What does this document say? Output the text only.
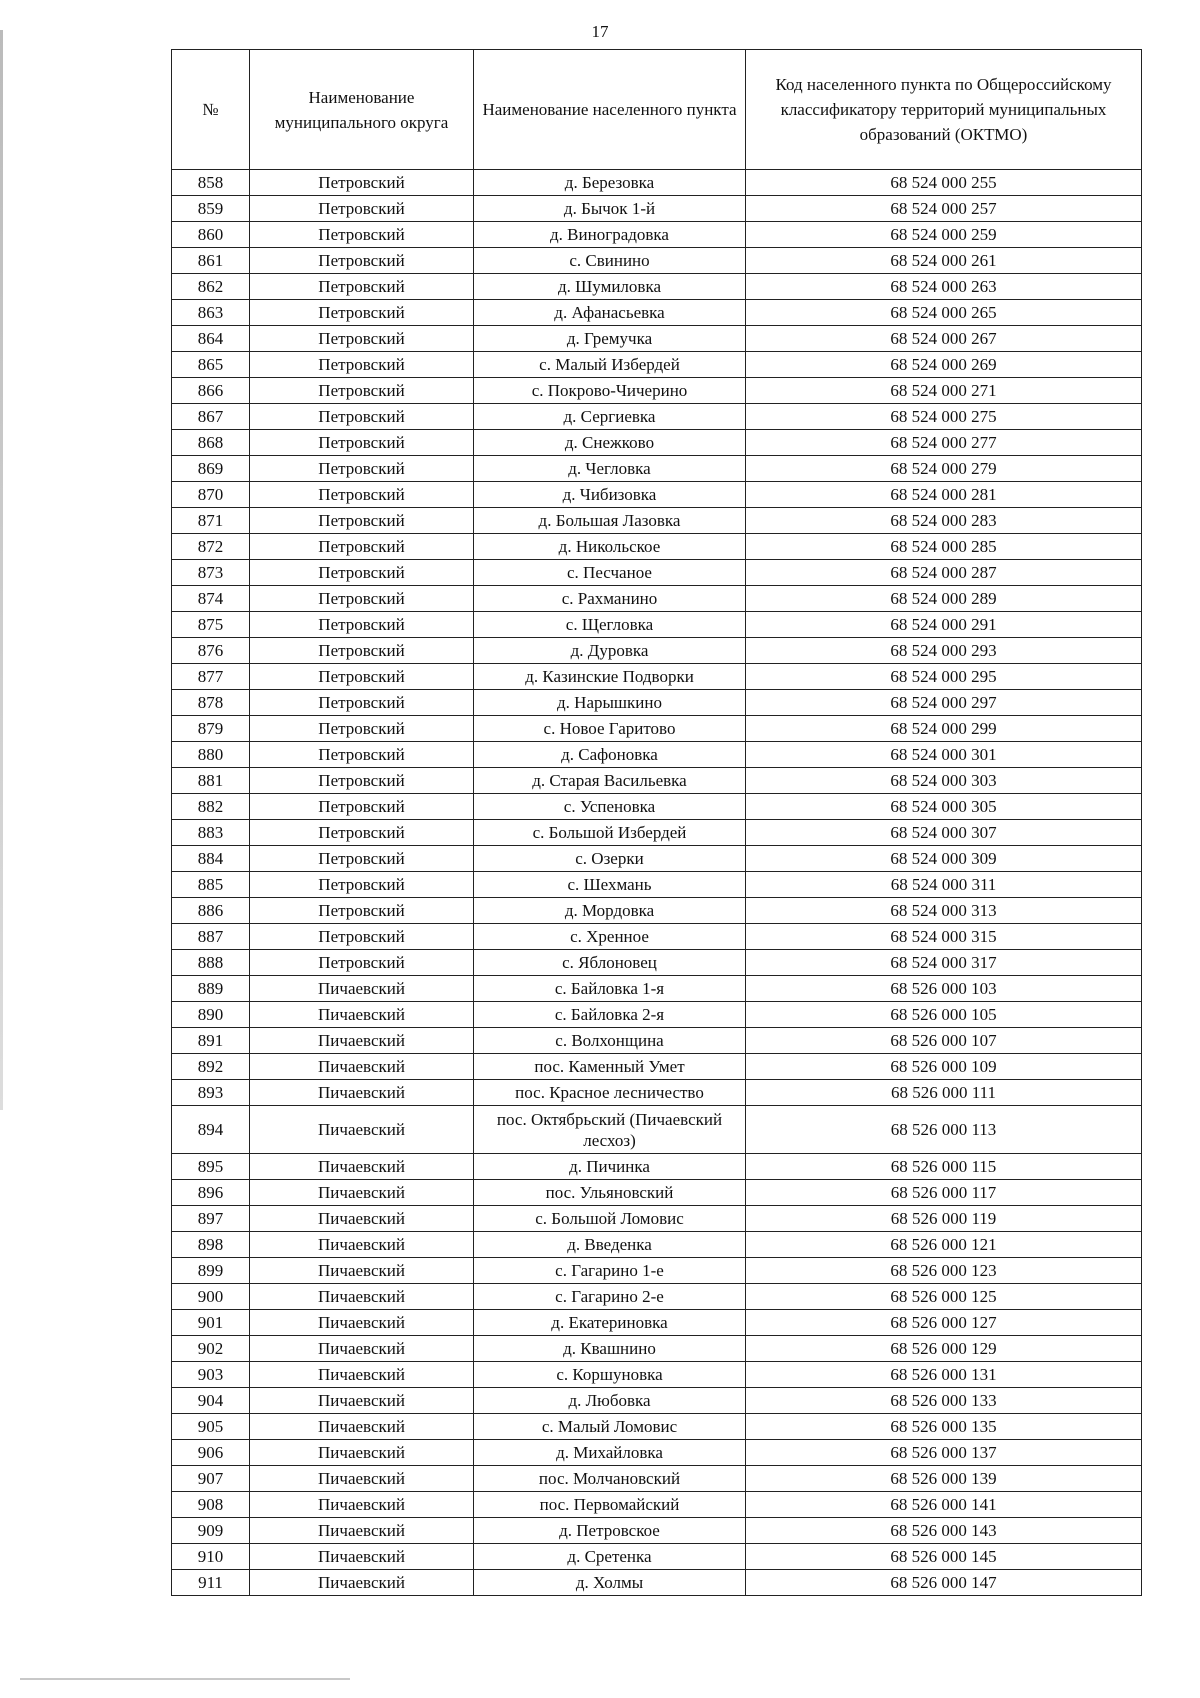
17
№	Наименование муниципального округа	Наименование населенного пункта	Код населенного пункта по Общероссийскому классификатору территорий муниципальных образований (ОКТМО)
858	Петровский	д. Березовка	68 524 000 255
859	Петровский	д. Бычок 1-й	68 524 000 257
860	Петровский	д. Виноградовка	68 524 000 259
861	Петровский	с. Свинино	68 524 000 261
862	Петровский	д. Шумиловка	68 524 000 263
863	Петровский	д. Афанасьевка	68 524 000 265
864	Петровский	д. Гремучка	68 524 000 267
865	Петровский	с. Малый Избердей	68 524 000 269
866	Петровский	с. Покрово-Чичерино	68 524 000 271
867	Петровский	д. Сергиевка	68 524 000 275
868	Петровский	д. Снежково	68 524 000 277
869	Петровский	д. Чегловка	68 524 000 279
870	Петровский	д. Чибизовка	68 524 000 281
871	Петровский	д. Большая Лазовка	68 524 000 283
872	Петровский	д. Никольское	68 524 000 285
873	Петровский	с. Песчаное	68 524 000 287
874	Петровский	с. Рахманино	68 524 000 289
875	Петровский	с. Щегловка	68 524 000 291
876	Петровский	д. Дуровка	68 524 000 293
877	Петровский	д. Казинские Подворки	68 524 000 295
878	Петровский	д. Нарышкино	68 524 000 297
879	Петровский	с. Новое Гаритово	68 524 000 299
880	Петровский	д. Сафоновка	68 524 000 301
881	Петровский	д. Старая Васильевка	68 524 000 303
882	Петровский	с. Успеновка	68 524 000 305
883	Петровский	с. Большой Избердей	68 524 000 307
884	Петровский	с. Озерки	68 524 000 309
885	Петровский	с. Шехмань	68 524 000 311
886	Петровский	д. Мордовка	68 524 000 313
887	Петровский	с. Хренное	68 524 000 315
888	Петровский	с. Яблоновец	68 524 000 317
889	Пичаевский	с. Байловка 1-я	68 526 000 103
890	Пичаевский	с. Байловка 2-я	68 526 000 105
891	Пичаевский	с. Волхонщина	68 526 000 107
892	Пичаевский	пос. Каменный Умет	68 526 000 109
893	Пичаевский	пос. Красное лесничество	68 526 000 111
894	Пичаевский	пос. Октябрьский (Пичаевский лесхоз)	68 526 000 113
895	Пичаевский	д. Пичинка	68 526 000 115
896	Пичаевский	пос. Ульяновский	68 526 000 117
897	Пичаевский	с. Большой Ломовис	68 526 000 119
898	Пичаевский	д. Введенка	68 526 000 121
899	Пичаевский	с. Гагарино 1-е	68 526 000 123
900	Пичаевский	с. Гагарино 2-е	68 526 000 125
901	Пичаевский	д. Екатериновка	68 526 000 127
902	Пичаевский	д. Квашнино	68 526 000 129
903	Пичаевский	с. Коршуновка	68 526 000 131
904	Пичаевский	д. Любовка	68 526 000 133
905	Пичаевский	с. Малый Ломовис	68 526 000 135
906	Пичаевский	д. Михайловка	68 526 000 137
907	Пичаевский	пос. Молчановский	68 526 000 139
908	Пичаевский	пос. Первомайский	68 526 000 141
909	Пичаевский	д. Петровское	68 526 000 143
910	Пичаевский	д. Сретенка	68 526 000 145
911	Пичаевский	д. Холмы	68 526 000 147
